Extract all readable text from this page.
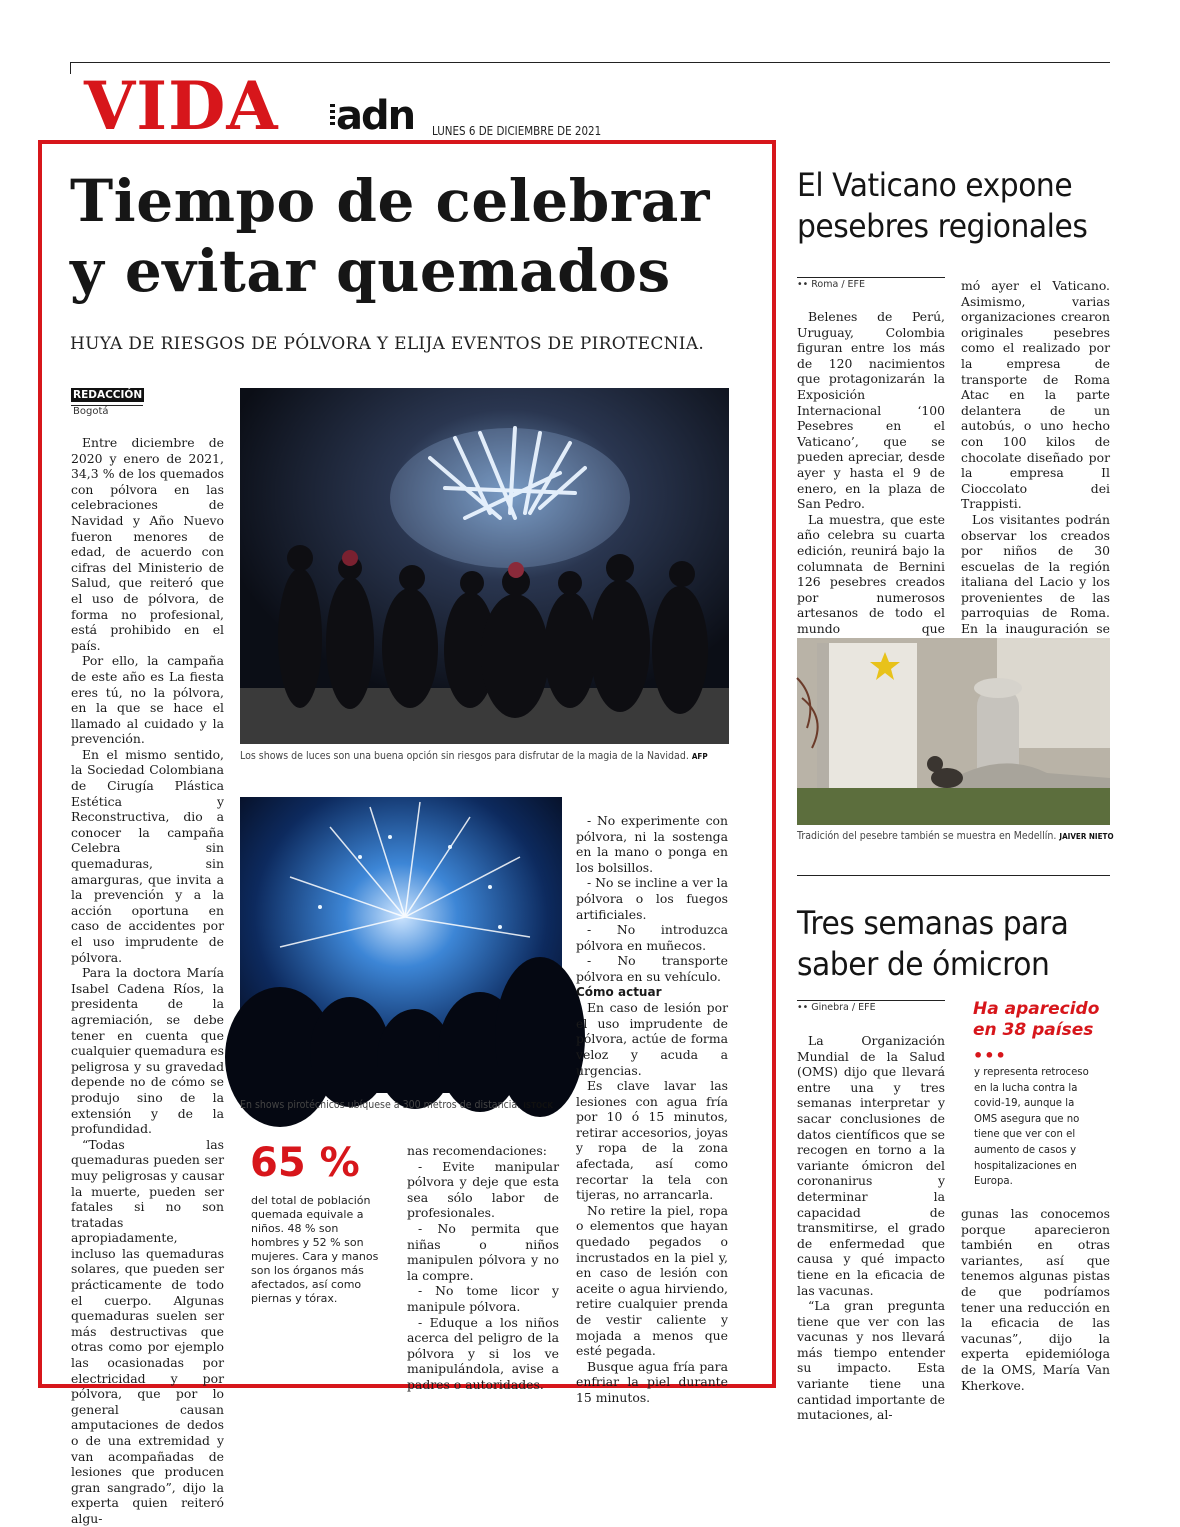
VIDA adn LUNES 6 DE DICIEMBRE DE 2021
Tiempo de celebrar
y evitar quemados
HUYA DE RIESGOS DE PÓLVORA Y ELIJA EVENTOS DE PIROTECNIA.
REDACCIÓN
Bogotá
Los shows de luces son una buena opción sin riesgos para disfrutar de la magia de la Navidad. AFP
En shows pirotécnicos ubíquese a 300 metros de distancia. ISTOCK

Entre diciembre de 2020 y enero de 2021, 34,3 % de los quemados con pólvora en las celebraciones de Navidad y Año Nuevo fueron menores de edad, de acuerdo con cifras del Ministerio de Salud, que reiteró que el uso de pólvora, de forma no profesional, está prohibido en el país.

Por ello, la campaña de este año es La fiesta eres tú, no la pólvora, en la que se hace el llamado al cuidado y la prevención.

En el mismo sentido, la Sociedad Colombiana de Cirugía Plástica Estética y Reconstructiva, dio a conocer la campaña Celebra sin quemaduras, sin amarguras, que invita a la prevención y a la acción oportuna en caso de accidentes por el uso imprudente de pólvora.

Para la doctora María Isabel Cadena Ríos, la presidenta de la agremiación, se debe tener en cuenta que cualquier quemadura es peligrosa y su gravedad depende no de cómo se produjo sino de la extensión y de la profundidad.

“Todas las quemaduras pueden ser muy peligrosas y causar la muerte, pueden ser fatales si no son tratadas apropiadamente, incluso las quemaduras solares, que pueden ser prácticamente de todo el cuerpo. Algunas quemaduras suelen ser más destructivas que otras como por ejemplo las ocasionadas por electricidad y por pólvora, que por lo general causan amputaciones de dedos o de una extremidad y van acompañadas de lesiones que producen gran sangrado”, dijo la experta quien reiteró algu-

65 %
del total de población quemada equivale a niños. 48 % son hombres y 52 % son mujeres. Cara y manos son los órganos más afectados, así como piernas y tórax.

nas recomendaciones:

- Evite manipular pólvora y deje que esta sea sólo labor de profesionales.

- No permita que niñas o niños manipulen pólvora y no la compre.

- No tome licor y manipule pólvora.

- Eduque a los niños acerca del peligro de la pólvora y si los ve manipulándola, avise a padres o autoridades.

- No experimente con pólvora, ni la sostenga en la mano o ponga en los bolsillos.

- No se incline a ver la pólvora o los fuegos artificiales.

- No introduzca pólvora en muñecos.

- No transporte pólvora en su vehículo.

Cómo actuar

En caso de lesión por el uso imprudente de pólvora, actúe de forma veloz y acuda a urgencias.

Es clave lavar las lesiones con agua fría por 10 ó 15 minutos, retirar accesorios, joyas y ropa de la zona afectada, así como recortar la tela con tijeras, no arrancarla.

No retire la piel, ropa o elementos que hayan quedado pegados o incrustados en la piel y, en caso de lesión con aceite o agua hirviendo, retire cualquier prenda de vestir caliente y mojada a menos que esté pegada.

Busque agua fría para enfriar la piel durante 15 minutos.

El Vaticano expone
pesebres regionales
•• Roma / EFE

Belenes de Perú, Uruguay, Colombia figuran entre los más de 120 nacimientos que protagonizarán la Exposición Internacional ‘100 Pesebres en el Vaticano’, que se pueden apreciar, desde ayer y hasta el 9 de enero, en la plaza de San Pedro.

La muestra, que este año celebra su cuarta edición, reunirá bajo la columnata de Bernini 126 pesebres creados por numerosos artesanos de todo el mundo que

mó ayer el Vaticano. Asimismo, varias organizaciones crearon originales pesebres como el realizado por la empresa de transporte de Roma Atac en la parte delantera de un autobús, o uno hecho con 100 kilos de chocolate diseñado por la empresa Il Cioccolato dei Trappisti.

Los visitantes podrán observar los creados por niños de 30 escuelas de la región italiana del Lacio y los provenientes de las parroquias de Roma. En la inauguración se

Tradición del pesebre también se muestra en Medellín. JAIVER NIETO
Tres semanas para
saber de ómicron
•• Ginebra / EFE

La Organización Mundial de la Salud (OMS) dijo que llevará entre una y tres semanas interpretar y sacar conclusiones de datos científicos que se recogen en torno a la variante ómicron del coronanirus y determinar la capacidad de transmitirse, el grado de enfermedad que causa y qué impacto tiene en la eficacia de las vacunas.

“La gran pregunta tiene que ver con las vacunas y nos llevará más tiempo entender su impacto. Esta variante tiene una cantidad importante de mutaciones, al-

Ha aparecido en 38 países
•••
y representa retroceso en la lucha contra la covid-19, aunque la OMS asegura que no tiene que ver con el aumento de casos y hospitalizaciones en Europa.

gunas las conocemos porque aparecieron también en otras variantes, así que tenemos algunas pistas de que podríamos tener una reducción en la eficacia de las vacunas”, dijo la experta epidemióloga de la OMS, María Van Kherkove.
